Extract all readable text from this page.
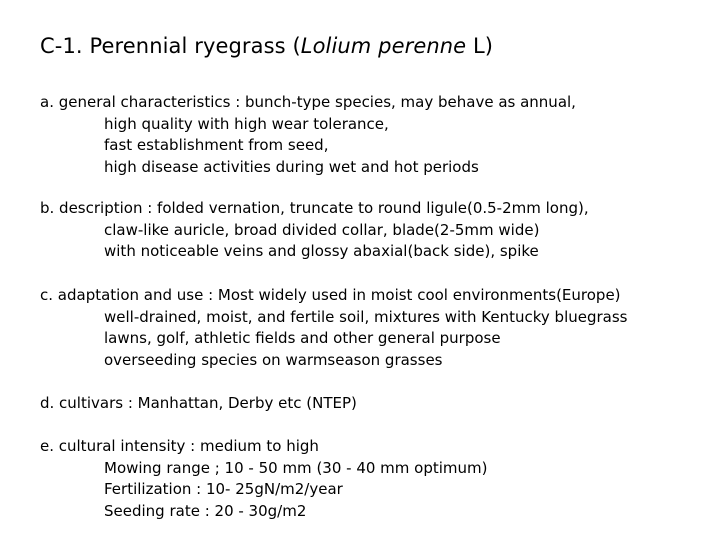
C-1. Perennial ryegrass (Lolium perenne L)
a. general characteristics : bunch-type species, may behave as annual,
high quality with high wear tolerance,
fast establishment from seed,
high disease activities during wet and hot periods
b. description : folded vernation, truncate to round ligule(0.5-2mm long),
claw-like auricle, broad divided collar, blade(2-5mm wide)
with noticeable veins and glossy abaxial(back side), spike
c. adaptation and use : Most widely used in moist cool environments(Europe)
well-drained, moist, and fertile soil, mixtures with Kentucky bluegrass
lawns, golf, athletic fields and other general purpose
overseeding species on warmseason grasses
d. cultivars : Manhattan, Derby etc (NTEP)
e. cultural intensity : medium to high
Mowing range ; 10 - 50 mm (30 - 40 mm optimum)
Fertilization : 10- 25gN/m2/year
Seeding rate : 20 - 30g/m2
